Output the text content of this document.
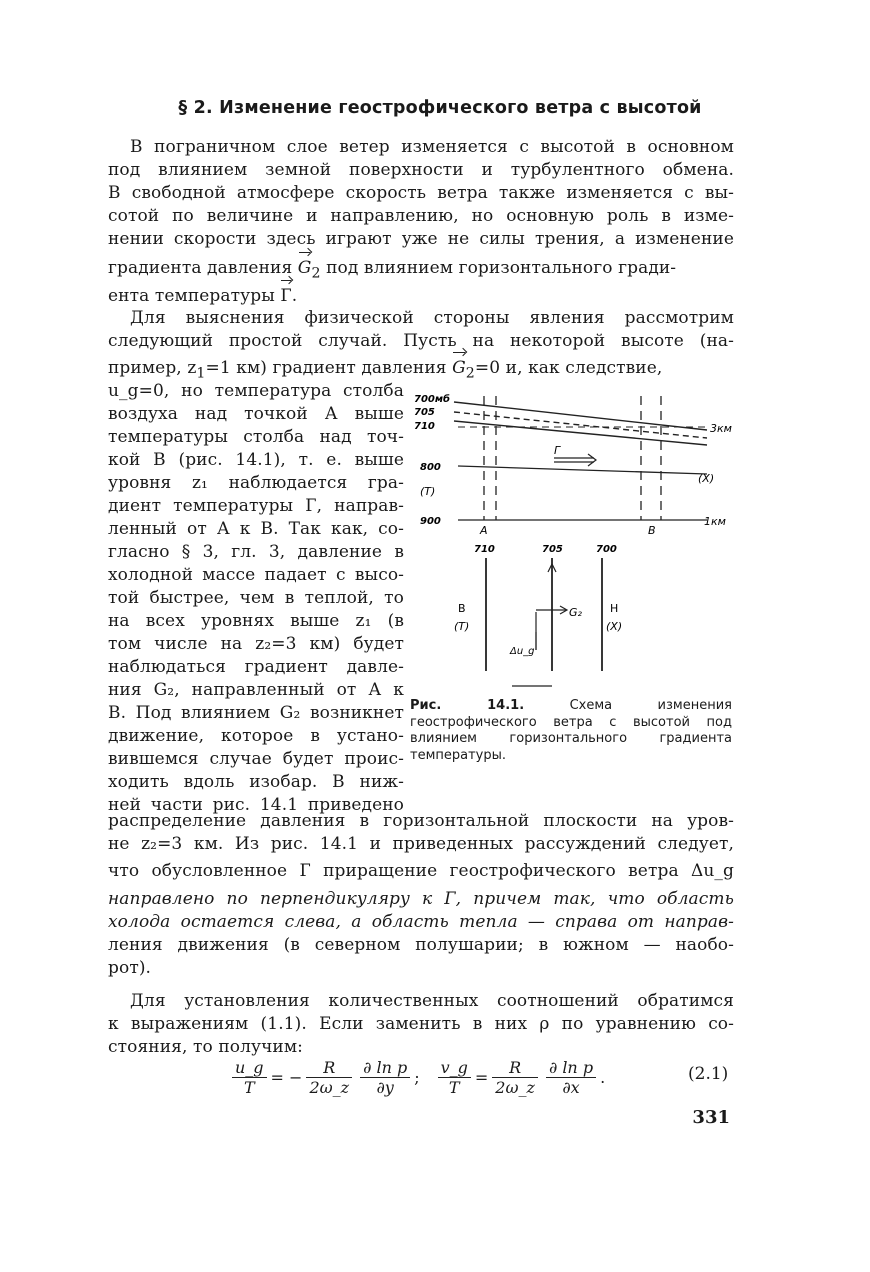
§ 2. Изменение геострофического ветра с высотой
В пограничном слое ветер изменяется с высотой в основном
под влиянием земной поверхности и турбулентного обмена.
В свободной атмосфере скорость ветра также изменяется с вы-
сотой по величине и направлению, но основную роль в изме-
нении скорости здесь играют уже не силы трения, а изменение
градиента давления $G_2$ под влиянием горизонтального гради-
ента температуры Г.
Для выяснения физической стороны явления рассмотрим
следующий простой случай. Пусть на некоторой высоте (на-
пример, $z_1=1$ км) градиент давления $G_2=0$ и, как следствие,
u_g=0, но температура столба
воздуха над точкой А выше
температуры столба над точ-
кой В (рис. 14.1), т. е. выше
уровня z₁ наблюдается гра-
диент температуры Г, направ-
ленный от А к В. Так как, со-
гласно § 3, гл. 3, давление в
холодной массе падает с высо-
той быстрее, чем в теплой, то
на всех уровнях выше z₁ (в
том числе на z₂=3 км) будет
наблюдаться градиент давле-
ния G₂, направленный от А к
В. Под влиянием G₂ возникнет
движение, которое в устано-
вившемся случае будет проис-
ходить вдоль изобар. В ниж-
ней части рис. 14.1 приведено
700мб
705
710
800
(T)
900
3км
(X)
1км
Г
A	B
710	705	700
В
(Т)
Н
(Х)
G₂
Δu_g
Рис. 14.1. Схема изменения геострофического ветра с высотой под влиянием горизонтального градиента температуры.
распределение давления в горизонтальной плоскости на уров-
не z₂=3 км. Из рис. 14.1 и приведенных рассуждений следует,
что обусловленное Г приращение геострофического ветра Δu_g
направлено по перпендикуляру к Г, причем так, что область
холода остается слева, а область тепла — справа от направ-
ления движения (в северном полушарии; в южном — наобо-
рот).
Для установления количественных соотношений обратимся
к выражениям (1.1). Если заменить в них ρ по уравнению со-
стояния, то получим:
$\frac{u\_g}{T}$ = − $\frac{R}{2\omega\_z} \frac{\text{∂ ln p}}{\partial y}$ ; $\frac{v\_g}{T} = \frac{R}{2\omega\_z} \frac{\text{∂ ln p}}{\partial x}$ .	(2.1)
331
